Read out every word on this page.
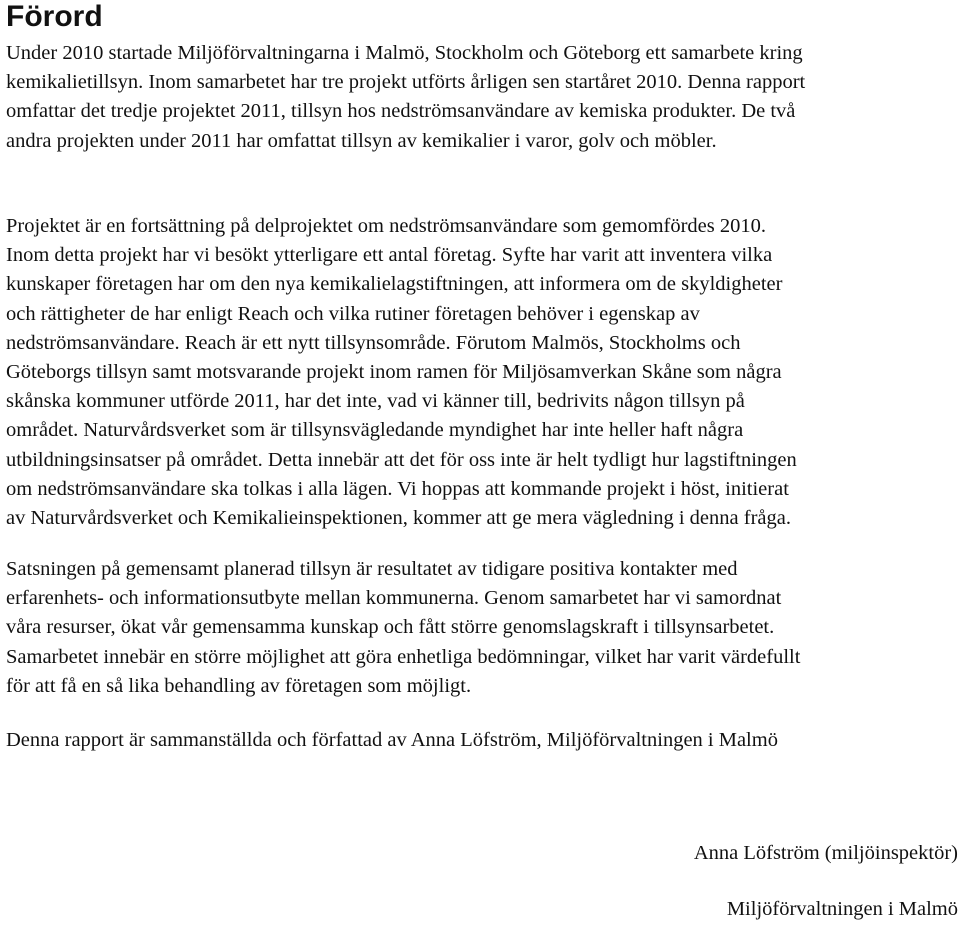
Förord

Under 2010 startade Miljöförvaltningarna i Malmö, Stockholm och Göteborg ett samarbete kring
kemikalietillsyn. Inom samarbetet har tre projekt utförts årligen sen startåret 2010. Denna rapport
omfattar det tredje projektet 2011, tillsyn hos nedströmsanvändare av kemiska produkter. De två
andra projekten under 2011 har omfattat tillsyn av kemikalier i varor, golv och möbler.

Projektet är en fortsättning på delprojektet om nedströmsanvändare som gemomfördes 2010.
Inom detta projekt har vi besökt ytterligare ett antal företag. Syfte har varit att inventera vilka
kunskaper företagen har om den nya kemikalielagstiftningen, att informera om de skyldigheter
och rättigheter de har enligt Reach och vilka rutiner företagen behöver i egenskap av
nedströmsanvändare. Reach är ett nytt tillsynsområde. Förutom Malmös, Stockholms och
Göteborgs tillsyn samt motsvarande projekt inom ramen för Miljösamverkan Skåne som några
skånska kommuner utförde 2011, har det inte, vad vi känner till, bedrivits någon tillsyn på
området. Naturvårdsverket som är tillsynsvägledande myndighet har inte heller haft några
utbildningsinsatser på området. Detta innebär att det för oss inte är helt tydligt hur lagstiftningen
om nedströmsanvändare ska tolkas i alla lägen. Vi hoppas att kommande projekt i höst, initierat
av Naturvårdsverket och Kemikalieinspektionen, kommer att ge mera vägledning i denna fråga.

Satsningen på gemensamt planerad tillsyn är resultatet av tidigare positiva kontakter med
erfarenhets- och informationsutbyte mellan kommunerna. Genom samarbetet har vi samordnat
våra resurser, ökat vår gemensamma kunskap och fått större genomslagskraft i tillsynsarbetet.
Samarbetet innebär en större möjlighet att göra enhetliga bedömningar, vilket har varit värdefullt
för att få en så lika behandling av företagen som möjligt.

Denna rapport är sammanställda och författad av Anna Löfström, Miljöförvaltningen i Malmö

Anna Löfström (miljöinspektör)

Miljöförvaltningen i Malmö
